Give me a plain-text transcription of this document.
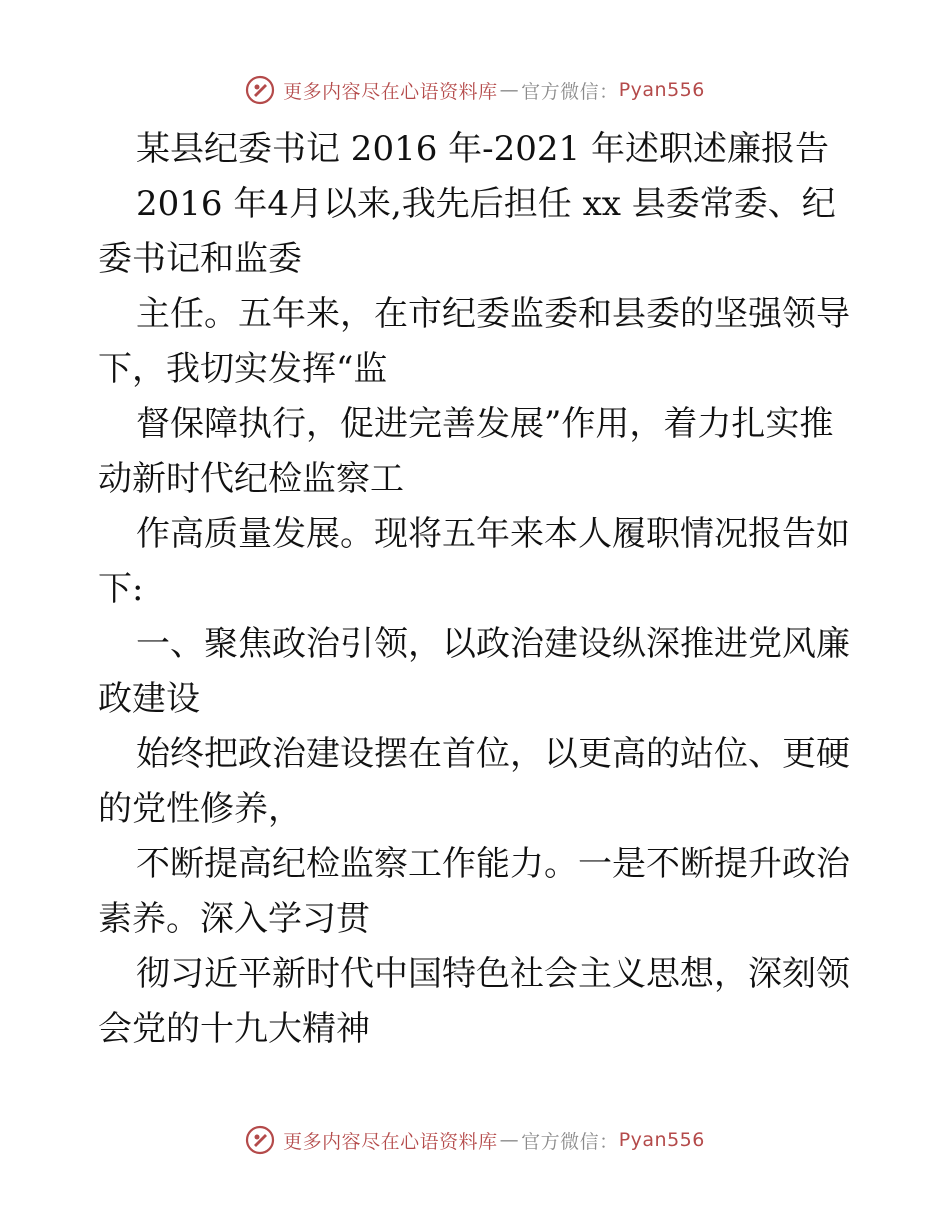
更多内容尽在心语资料库 — 官方微信： Pyan556
某县纪委书记 2016 年-2021 年述职述廉报告
2016 年4月以来,我先后担任 xx 县委常委、纪
委书记和监委
主任。五年来，在市纪委监委和县委的坚强领导
下，我切实发挥“监
督保障执行，促进完善发展”作用，着力扎实推
动新时代纪检监察工
作高质量发展。现将五年来本人履职情况报告如
下:
一、聚焦政治引领，以政治建设纵深推进党风廉
政建设
始终把政治建设摆在首位，以更高的站位、更硬
的党性修养，
不断提高纪检监察工作能力。一是不断提升政治
素养。深入学习贯
彻习近平新时代中国特色社会主义思想，深刻领
会党的十九大精神
更多内容尽在心语资料库 — 官方微信： Pyan556
